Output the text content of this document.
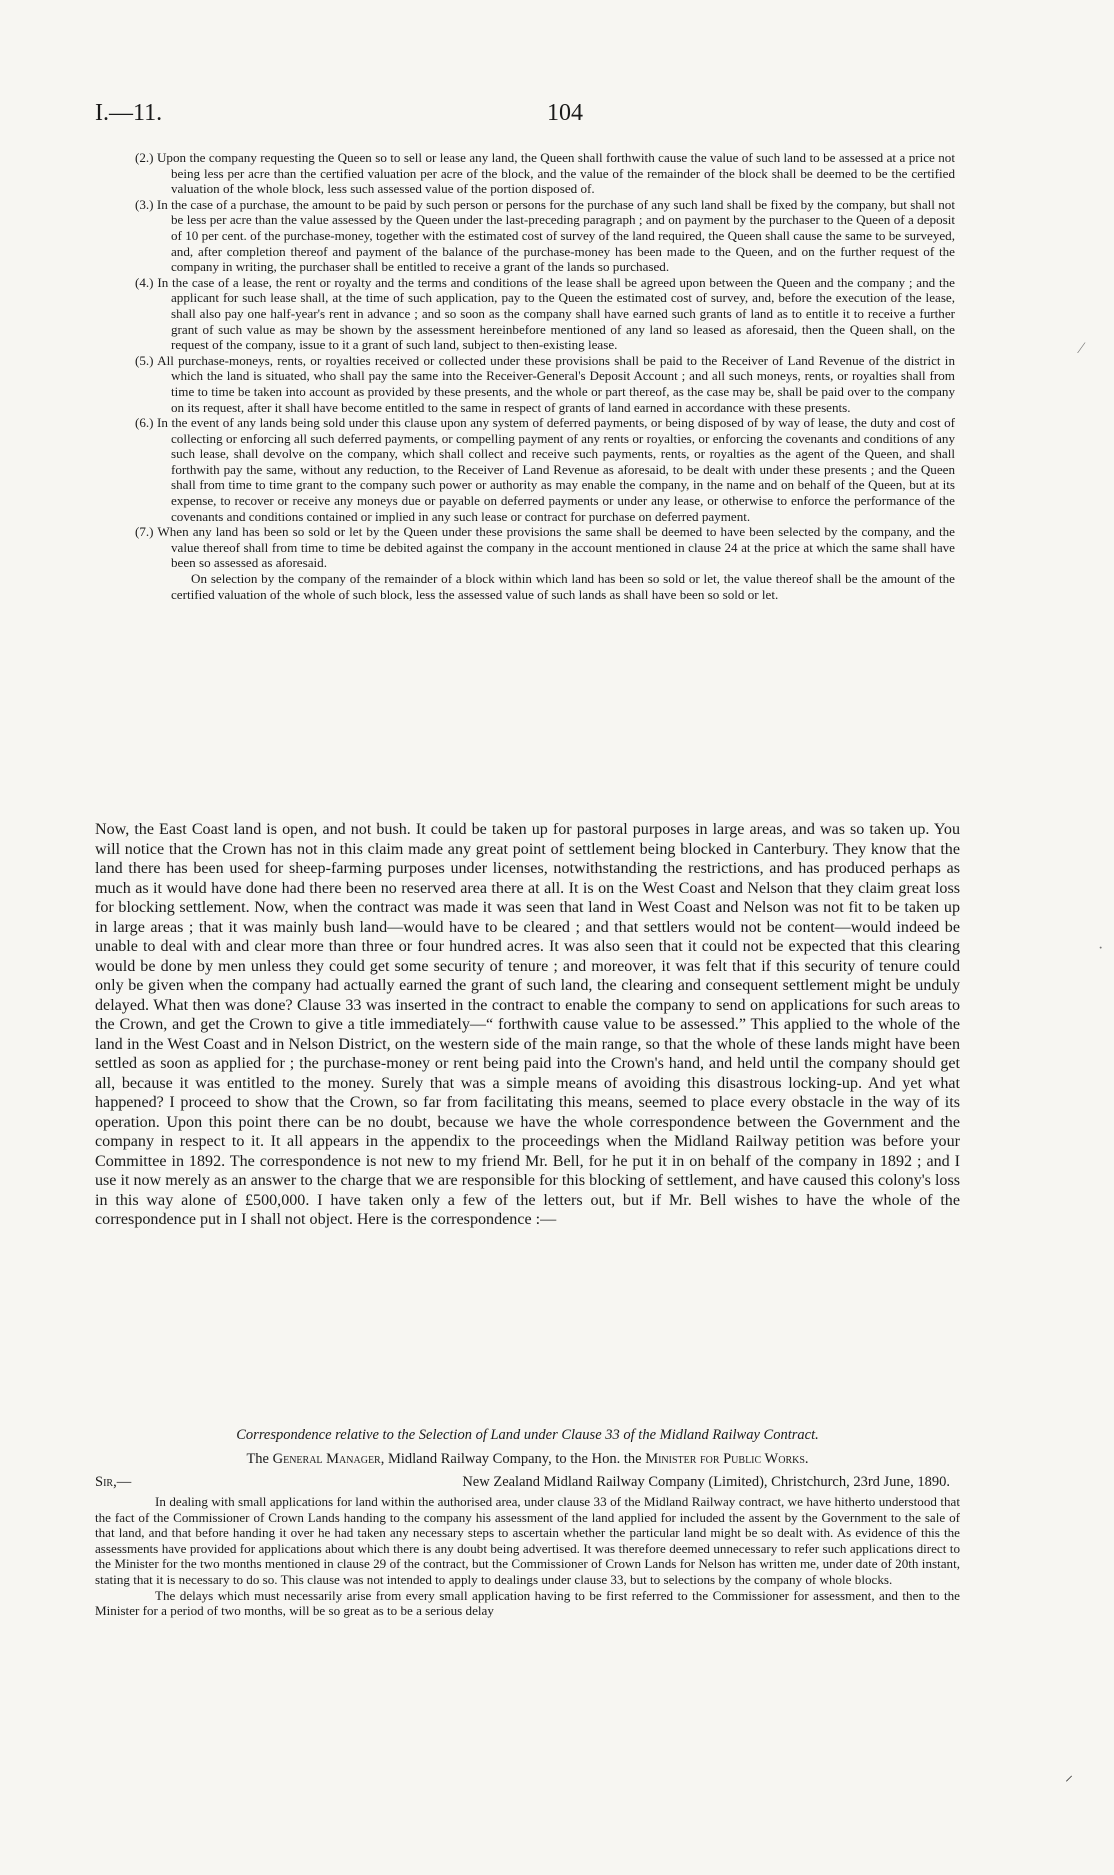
I.—11.	104

(2.) Upon the company requesting the Queen so to sell or lease any land, the Queen shall forthwith cause the value of such land to be assessed at a price not being less per acre than the certified valuation per acre of the block, and the value of the remainder of the block shall be deemed to be the certified valuation of the whole block, less such assessed value of the portion disposed of.

(3.) In the case of a purchase, the amount to be paid by such person or persons for the purchase of any such land shall be fixed by the company, but shall not be less per acre than the value assessed by the Queen under the last-preceding paragraph ; and on payment by the purchaser to the Queen of a deposit of 10 per cent. of the purchase-money, together with the estimated cost of survey of the land required, the Queen shall cause the same to be surveyed, and, after completion thereof and payment of the balance of the purchase-money has been made to the Queen, and on the further request of the company in writing, the purchaser shall be entitled to receive a grant of the lands so purchased.

(4.) In the case of a lease, the rent or royalty and the terms and conditions of the lease shall be agreed upon between the Queen and the company ; and the applicant for such lease shall, at the time of such application, pay to the Queen the estimated cost of survey, and, before the execution of the lease, shall also pay one half-year's rent in advance ; and so soon as the company shall have earned such grants of land as to entitle it to receive a further grant of such value as may be shown by the assessment hereinbefore mentioned of any land so leased as aforesaid, then the Queen shall, on the request of the company, issue to it a grant of such land, subject to then-existing lease.

(5.) All purchase-moneys, rents, or royalties received or collected under these provisions shall be paid to the Receiver of Land Revenue of the district in which the land is situated, who shall pay the same into the Receiver-General's Deposit Account ; and all such moneys, rents, or royalties shall from time to time be taken into account as provided by these presents, and the whole or part thereof, as the case may be, shall be paid over to the company on its request, after it shall have become entitled to the same in respect of grants of land earned in accordance with these presents.

(6.) In the event of any lands being sold under this clause upon any system of deferred payments, or being disposed of by way of lease, the duty and cost of collecting or enforcing all such deferred payments, or compelling payment of any rents or royalties, or enforcing the covenants and conditions of any such lease, shall devolve on the company, which shall collect and receive such payments, rents, or royalties as the agent of the Queen, and shall forthwith pay the same, without any reduction, to the Receiver of Land Revenue as aforesaid, to be dealt with under these presents ; and the Queen shall from time to time grant to the company such power or authority as may enable the company, in the name and on behalf of the Queen, but at its expense, to recover or receive any moneys due or payable on deferred payments or under any lease, or otherwise to enforce the performance of the covenants and conditions contained or implied in any such lease or contract for purchase on deferred payment.

(7.) When any land has been so sold or let by the Queen under these provisions the same shall be deemed to have been selected by the company, and the value thereof shall from time to time be debited against the company in the account mentioned in clause 24 at the price at which the same shall have been so assessed as aforesaid.

On selection by the company of the remainder of a block within which land has been so sold or let, the value thereof shall be the amount of the certified valuation of the whole of such block, less the assessed value of such lands as shall have been so sold or let.

Now, the East Coast land is open, and not bush. It could be taken up for pastoral purposes in large areas, and was so taken up. You will notice that the Crown has not in this claim made any great point of settlement being blocked in Canterbury. They know that the land there has been used for sheep-farming purposes under licenses, notwithstanding the restrictions, and has produced perhaps as much as it would have done had there been no reserved area there at all. It is on the West Coast and Nelson that they claim great loss for blocking settlement. Now, when the contract was made it was seen that land in West Coast and Nelson was not fit to be taken up in large areas ; that it was mainly bush land—would have to be cleared ; and that settlers would not be content—would indeed be unable to deal with and clear more than three or four hundred acres. It was also seen that it could not be expected that this clearing would be done by men unless they could get some security of tenure ; and moreover, it was felt that if this security of tenure could only be given when the company had actually earned the grant of such land, the clearing and consequent settlement might be unduly delayed. What then was done? Clause 33 was inserted in the contract to enable the company to send on applications for such areas to the Crown, and get the Crown to give a title immediately—“ forthwith cause value to be assessed.” This applied to the whole of the land in the West Coast and in Nelson District, on the western side of the main range, so that the whole of these lands might have been settled as soon as applied for ; the purchase-money or rent being paid into the Crown's hand, and held until the company should get all, because it was entitled to the money. Surely that was a simple means of avoiding this disastrous locking-up. And yet what happened? I proceed to show that the Crown, so far from facilitating this means, seemed to place every obstacle in the way of its operation. Upon this point there can be no doubt, because we have the whole correspondence between the Government and the company in respect to it. It all appears in the appendix to the proceedings when the Midland Railway petition was before your Committee in 1892. The correspondence is not new to my friend Mr. Bell, for he put it in on behalf of the company in 1892 ; and I use it now merely as an answer to the charge that we are responsible for this blocking of settlement, and have caused this colony's loss in this way alone of £500,000. I have taken only a few of the letters out, but if Mr. Bell wishes to have the whole of the correspondence put in I shall not object. Here is the correspondence :—

Correspondence relative to the Selection of Land under Clause 33 of the Midland Railway Contract.
The General Manager, Midland Railway Company, to the Hon. the Minister for Public Works.
Sir,—	New Zealand Midland Railway Company (Limited), Christchurch, 23rd June, 1890.

In dealing with small applications for land within the authorised area, under clause 33 of the Midland Railway contract, we have hitherto understood that the fact of the Commissioner of Crown Lands handing to the company his assessment of the land applied for included the assent by the Government to the sale of that land, and that before handing it over he had taken any necessary steps to ascertain whether the particular land might be so dealt with. As evidence of this the assessments have provided for applications about which there is any doubt being advertised. It was therefore deemed unnecessary to refer such applications direct to the Minister for the two months mentioned in clause 29 of the contract, but the Commissioner of Crown Lands for Nelson has written me, under date of 20th instant, stating that it is necessary to do so. This clause was not intended to apply to dealings under clause 33, but to selections by the company of whole blocks.

The delays which must necessarily arise from every small application having to be first referred to the Commissioner for assessment, and then to the Minister for a period of two months, will be so great as to be a serious delay

⁄
·
⸍
